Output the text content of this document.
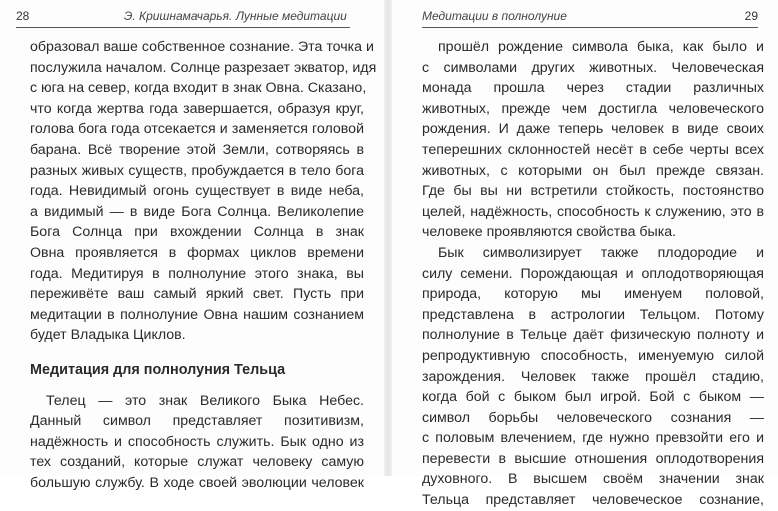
28	Э. Кришнамачарья. Лунные медитации
образовал ваше собственное сознание. Эта точка и
послужила началом. Солнце разрезает экватор, идя
с юга на север, когда входит в знак Овна. Сказано,
что когда жертва года завершается, образуя круг,
голова бога года отсекается и заменяется головой
барана. Всё творение этой Земли, сотворяясь в
разных живых существ, пробуждается в тело бога
года. Невидимый огонь существует в виде неба,
а видимый — в виде Бога Солнца. Великолепие
Бога Солнца при вхождении Солнца в знак
Овна проявляется в формах циклов времени
года. Медитируя в полнолуние этого знака, вы
переживёте ваш самый яркий свет. Пусть при
медитации в полнолуние Овна нашим сознанием
будет Владыка Циклов.
Медитация для полнолуния Тельца
Телец — это знак Великого Быка Небес.
Данный символ представляет позитивизм,
надёжность и способность служить. Бык одно из
тех созданий, которые служат человеку самую
большую службу. В ходе своей эволюции человек
Медитации в полнолуние	29
прошёл рождение символа быка, как было и
с символами других животных. Человеческая
монада прошла через стадии различных
животных, прежде чем достигла человеческого
рождения. И даже теперь человек в виде своих
теперешних склонностей несёт в себе черты всех
животных, с которыми он был прежде связан.
Где бы вы ни встретили стойкость, постоянство
целей, надёжность, способность к служению, это в
человеке проявляются свойства быка.
Бык символизирует также плодородие и
силу семени. Порождающая и оплодотворяющая
природа, которую мы именуем половой,
представлена в астрологии Тельцом. Потому
полнолуние в Тельце даёт физическую полноту и
репродуктивную способность, именуемую силой
зарождения. Человек также прошёл стадию,
когда бой с быком был игрой. Бой с быком —
символ борьбы человеческого сознания —
с половым влечением, где нужно превзойти его и
перевести в высшие отношения оплодотворения
духовного. В высшем своём значении знак
Тельца представляет человеческое сознание,
